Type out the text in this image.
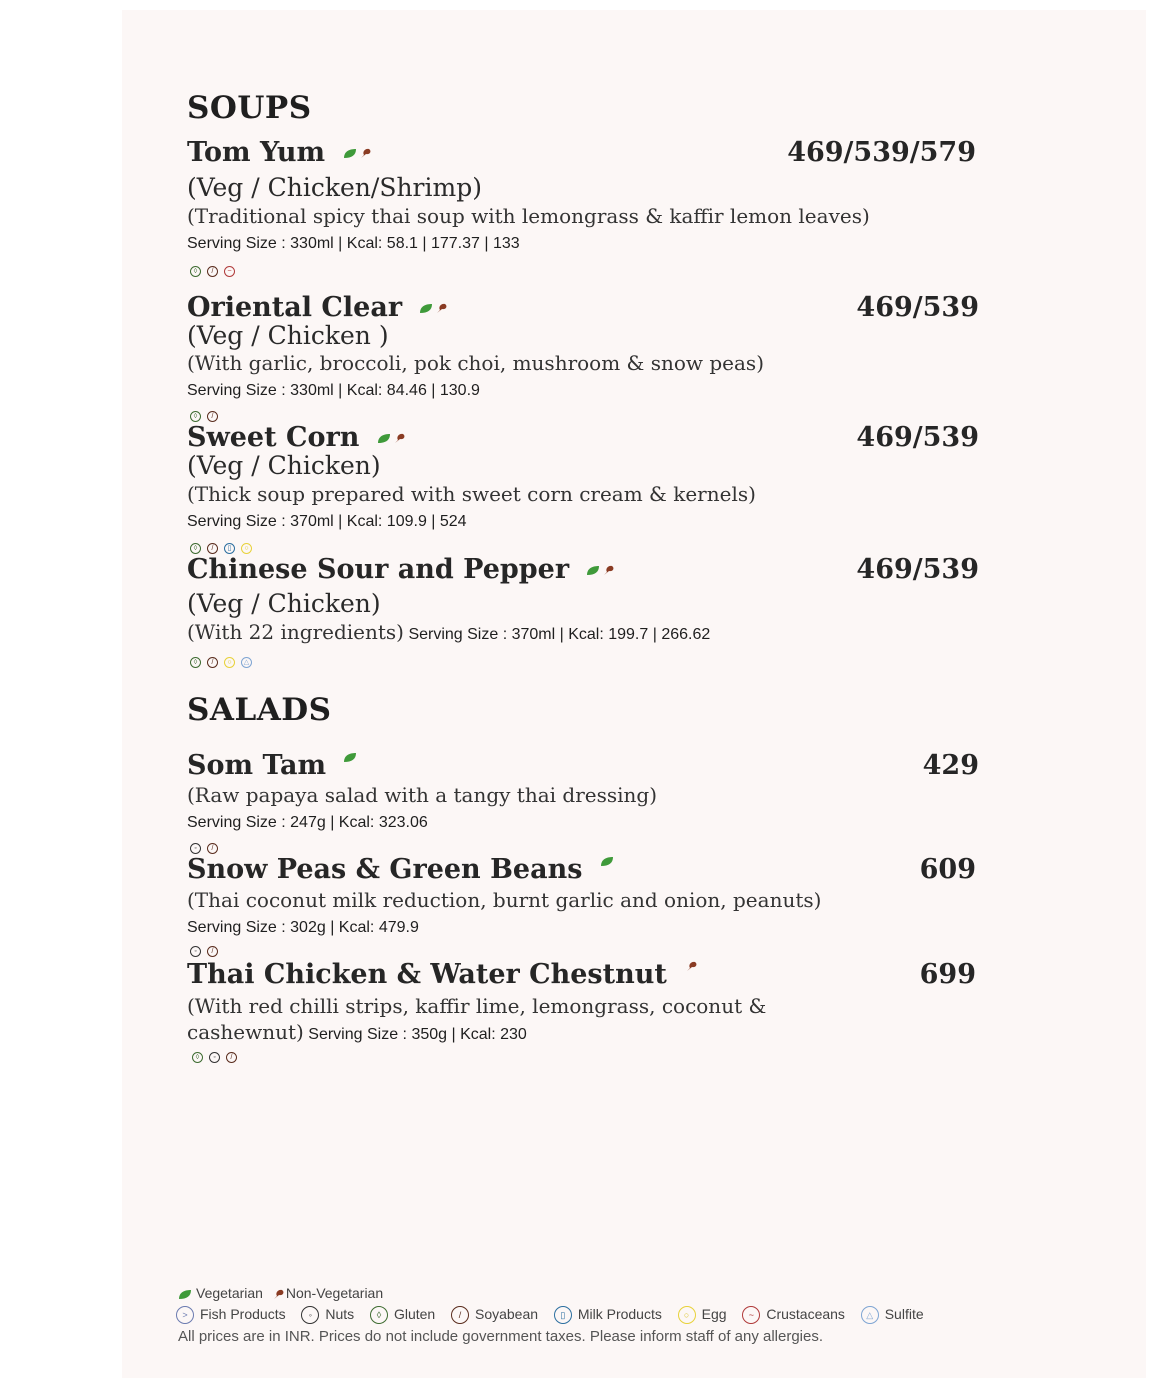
SOUPS
Tom Yum	469/539/579
(Veg / Chicken/Shrimp)
(Traditional spicy thai soup with lemongrass & kaffir lemon leaves)
Serving Size : 330ml | Kcal: 58.1 | 177.37 | 133
◊ / ~
Oriental Clear	469/539
(Veg / Chicken )
(With garlic, broccoli, pok choi, mushroom & snow peas)
Serving Size : 330ml | Kcal: 84.46 | 130.9
◊ /
Sweet Corn	469/539
(Veg / Chicken)
(Thick soup prepared with sweet corn cream & kernels)
Serving Size : 370ml | Kcal: 109.9 | 524
◊ / ▯ ○
Chinese Sour and Pepper	469/539
(Veg / Chicken)
(With 22 ingredients) Serving Size : 370ml | Kcal: 199.7 | 266.62
◊ / ○ △
SALADS
Som Tam	429
(Raw papaya salad with a tangy thai dressing)
Serving Size : 247g | Kcal: 323.06
◦ /
Snow Peas & Green Beans	609
(Thai coconut milk reduction, burnt garlic and onion, peanuts)
Serving Size : 302g | Kcal: 479.9
◦ /
Thai Chicken & Water Chestnut	699
(With red chilli strips, kaffir lime, lemongrass, coconut &
cashewnut) Serving Size : 350g | Kcal: 230
◊ ◦ /
Vegetarian Non-Vegetarian
> Fish Products	◦ Nuts	◊ Gluten	/ Soyabean ▯ Milk Products ○ Egg ~ Crustaceans △ Sulfite
All prices are in INR. Prices do not include government taxes. Please inform staff of any allergies.
